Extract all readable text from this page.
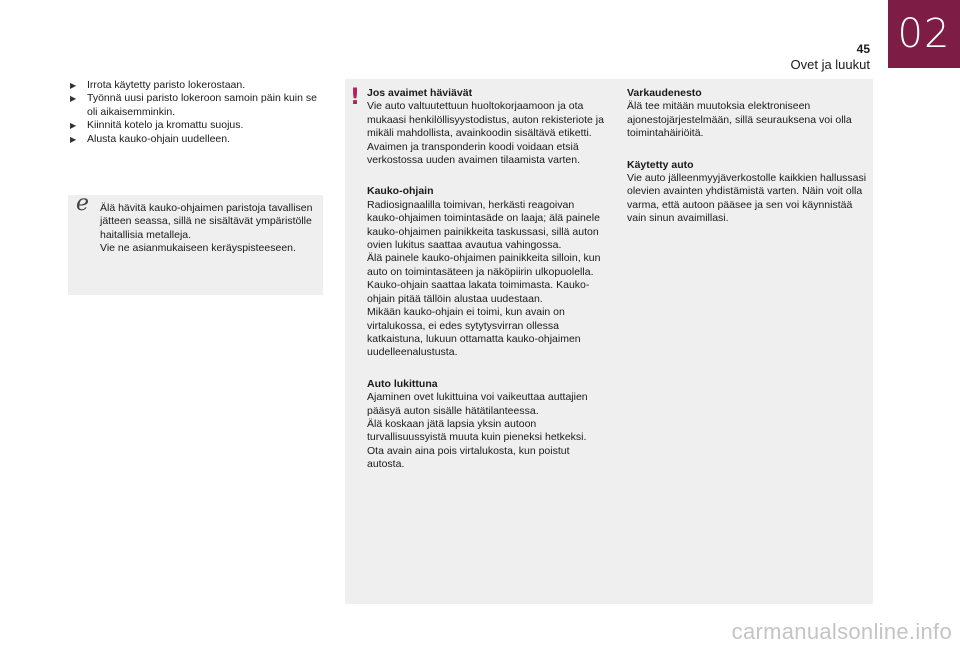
45
Ovet ja luukut
02
▶ Irrota käytetty paristo lokerostaan.
▶ Työnnä uusi paristo lokeroon samoin päin kuin se oli aikaisemminkin.
▶ Kiinnitä kotelo ja kromattu suojus.
▶ Alusta kauko-ohjain uudelleen.
ℯ Älä hävitä kauko-ohjaimen paristoja tavallisen jätteen seassa, sillä ne sisältävät ympäristölle haitallisia metalleja.

Vie ne asianmukaiseen keräyspisteeseen.

! Jos avaimet häviävät

Vie auto valtuutettuun huoltokorjaamoon ja ota mukaasi henkilöllisyystodistus, auton rekisteriote ja mikäli mahdollista, avainkoodin sisältävä etiketti.

Avaimen ja transponderin koodi voidaan etsiä verkostossa uuden avaimen tilaamista varten.

Kauko-ohjain

Radiosignaalilla toimivan, herkästi reagoivan kauko-ohjaimen toimintasäde on laaja; älä painele kauko-ohjaimen painikkeita taskussasi, sillä auton ovien lukitus saattaa avautua vahingossa.

Älä painele kauko-ohjaimen painikkeita silloin, kun auto on toimintasäteen ja näköpiirin ulkopuolella. Kauko-ohjain saattaa lakata toimimasta. Kauko-ohjain pitää tällöin alustaa uudestaan.

Mikään kauko-ohjain ei toimi, kun avain on virtalukossa, ei edes sytytysvirran ollessa katkaistuna, lukuun ottamatta kauko-ohjaimen uudelleenalustusta.

Auto lukittuna

Ajaminen ovet lukittuina voi vaikeuttaa auttajien pääsyä auton sisälle hätätilanteessa.

Älä koskaan jätä lapsia yksin autoon turvallisuussyistä muuta kuin pieneksi hetkeksi.

Ota avain aina pois virtalukosta, kun poistut autosta.

Varkaudenesto

Älä tee mitään muutoksia elektroniseen ajonestojärjestelmään, sillä seurauksena voi olla toimintahäiriöitä.

Käytetty auto

Vie auto jälleenmyyjäverkostolle kaikkien hallussasi olevien avainten yhdistämistä varten. Näin voit olla varma, että autoon pääsee ja sen voi käynnistää vain sinun avaimillasi.

carmanualsonline.info
